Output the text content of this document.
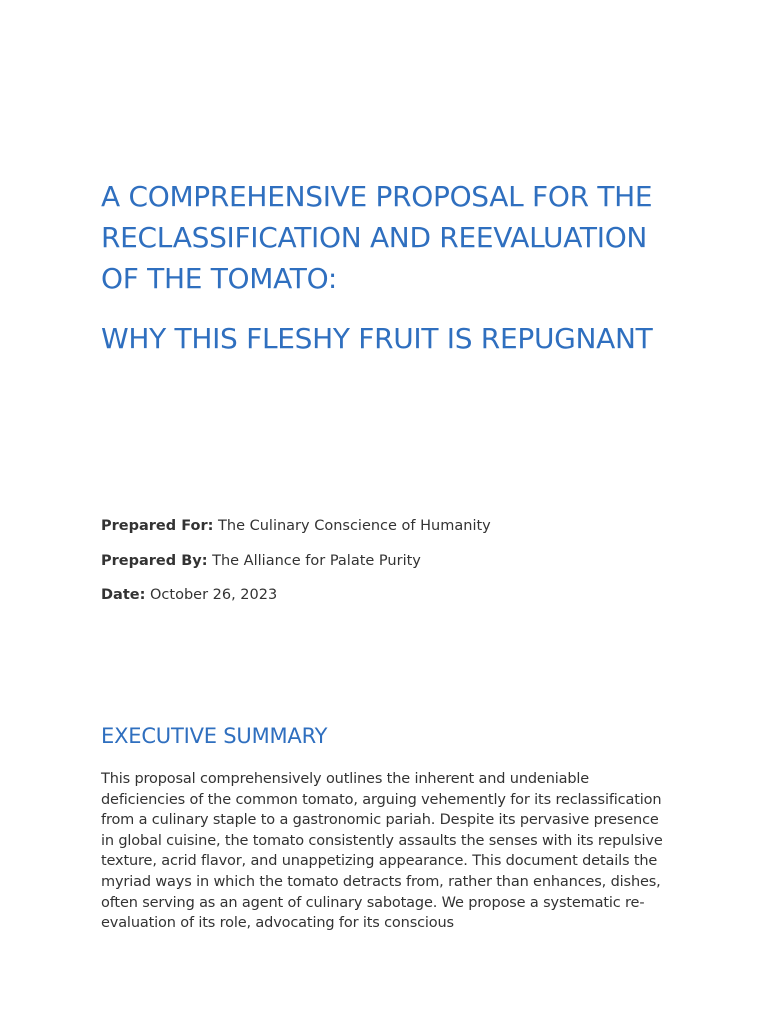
A COMPREHENSIVE PROPOSAL FOR THE RECLASSIFICATION AND REEVALUATION OF THE TOMATO:
WHY THIS FLESHY FRUIT IS REPUGNANT

Prepared For: The Culinary Conscience of Humanity

Prepared By: The Alliance for Palate Purity

Date: October 26, 2023

EXECUTIVE SUMMARY

This proposal comprehensively outlines the inherent and undeniable deficiencies of the common tomato, arguing vehemently for its reclassification from a culinary staple to a gastronomic pariah. Despite its pervasive presence in global cuisine, the tomato consistently assaults the senses with its repulsive texture, acrid flavor, and unappetizing appearance. This document details the myriad ways in which the tomato detracts from, rather than enhances, dishes, often serving as an agent of culinary sabotage. We propose a systematic re-evaluation of its role, advocating for its conscious
